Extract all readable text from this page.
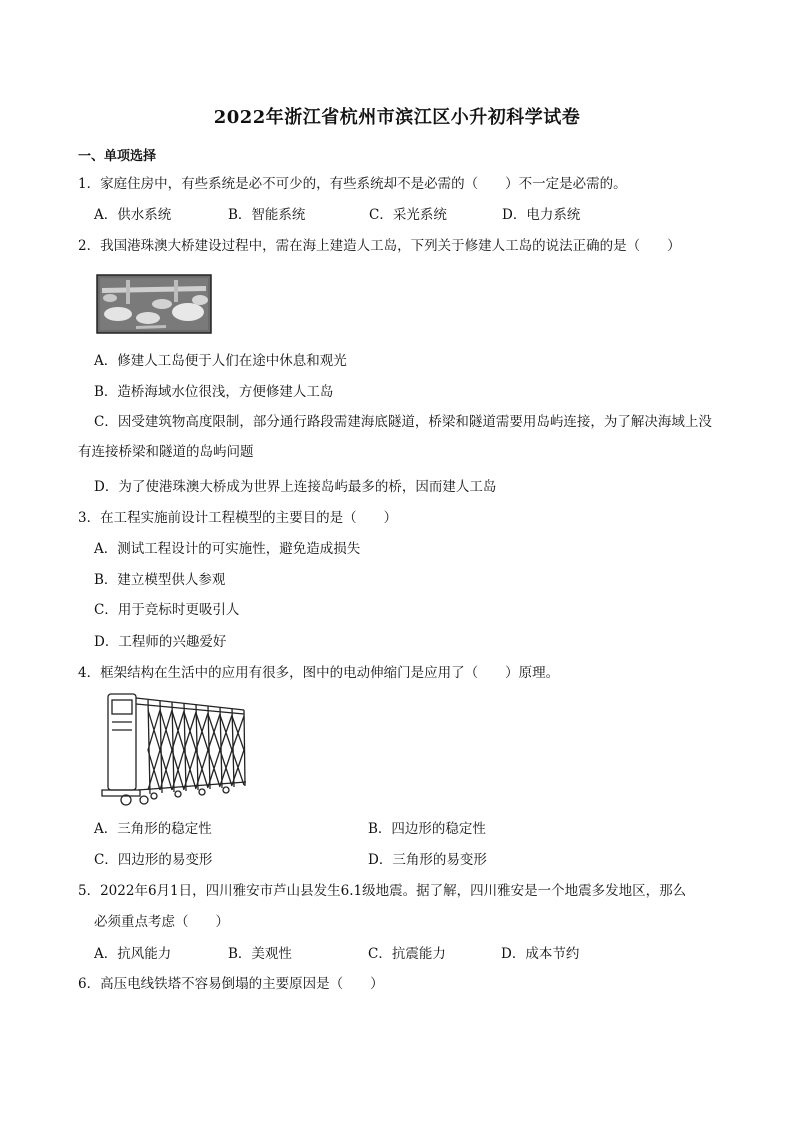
2022年浙江省杭州市滨江区小升初科学试卷
一、单项选择
1．家庭住房中，有些系统是必不可少的，有些系统却不是必需的（　　）不一定是必需的。
A．供水系统	B．智能系统	C．采光系统	D．电力系统
2．我国港珠澳大桥建设过程中，需在海上建造人工岛，下列关于修建人工岛的说法正确的是（　　）
A．修建人工岛便于人们在途中休息和观光
B．造桥海域水位很浅，方便修建人工岛
C．因受建筑物高度限制，部分通行路段需建海底隧道，桥梁和隧道需要用岛屿连接，为了解决海域上没有连接桥梁和隧道的岛屿问题
D．为了使港珠澳大桥成为世界上连接岛屿最多的桥，因而建人工岛
3．在工程实施前设计工程模型的主要目的是（　　）
A．测试工程设计的可实施性，避免造成损失
B．建立模型供人参观
C．用于竞标时更吸引人
D．工程师的兴趣爱好
4．框架结构在生活中的应用有很多，图中的电动伸缩门是应用了（　　）原理。
A．三角形的稳定性	B．四边形的稳定性
C．四边形的易变形	D．三角形的易变形
5．2022年6月1日，四川雅安市芦山县发生6.1级地震。据了解，四川雅安是一个地震多发地区，那么
必须重点考虑（　　）
A．抗风能力	B．美观性	C．抗震能力	D．成本节约
6．高压电线铁塔不容易倒塌的主要原因是（　　）
